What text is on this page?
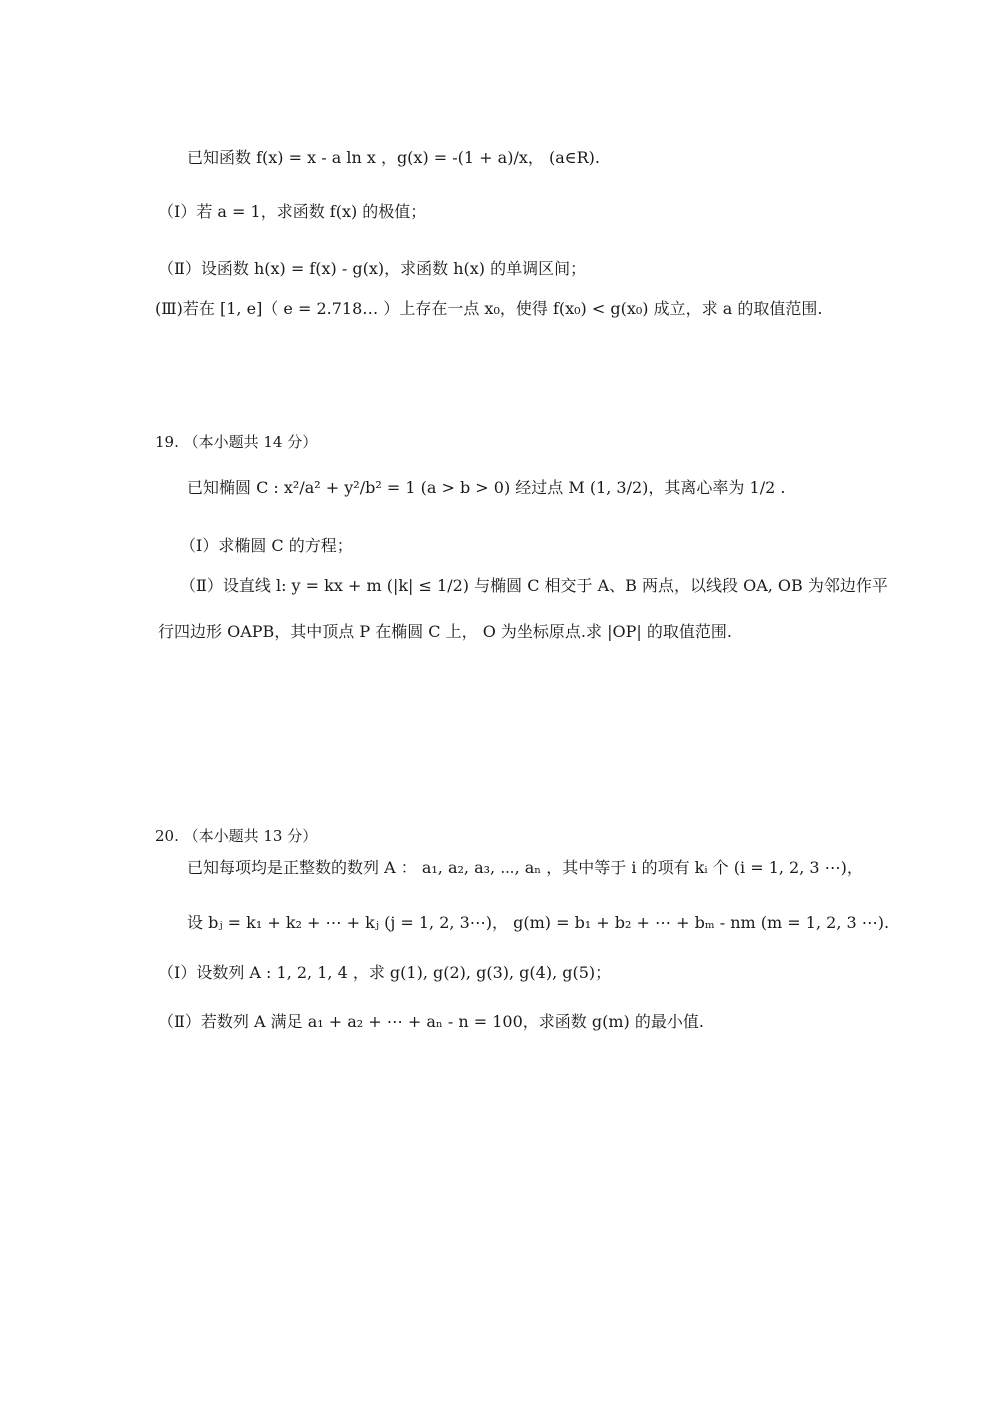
已知函数 f(x) = x - a ln x ，g(x) = -(1 + a)/x， (a∈R).
（Ⅰ）若 a = 1，求函数 f(x) 的极值；
（Ⅱ）设函数 h(x) = f(x) - g(x)，求函数 h(x) 的单调区间；
(Ⅲ)若在 [1, e]（ e = 2.718… ）上存在一点 x₀，使得 f(x₀) < g(x₀) 成立，求 a 的取值范围.
19. （本小题共 14 分）
已知椭圆 C : x²/a² + y²/b² = 1 (a > b > 0) 经过点 M (1, 3/2)，其离心率为 1/2 .
（Ⅰ）求椭圆 C 的方程；
（Ⅱ）设直线 l: y = kx + m (|k| ≤ 1/2) 与椭圆 C 相交于 A、B 两点，以线段 OA, OB 为邻边作平
行四边形 OAPB，其中顶点 P 在椭圆 C 上， O 为坐标原点.求 |OP| 的取值范围.
20. （本小题共 13 分）
已知每项均是正整数的数列 A ： a₁, a₂, a₃, ⋯, aₙ ，其中等于 i 的项有 kᵢ 个 (i = 1, 2, 3 ⋯)，
设 bⱼ = k₁ + k₂ + ⋯ + kⱼ (j = 1, 2, 3⋯)， g(m) = b₁ + b₂ + ⋯ + bₘ - nm (m = 1, 2, 3 ⋯).
（Ⅰ）设数列 A : 1, 2, 1, 4 ，求 g(1), g(2), g(3), g(4), g(5)；
（Ⅱ）若数列 A 满足 a₁ + a₂ + ⋯ + aₙ - n = 100，求函数 g(m) 的最小值.
